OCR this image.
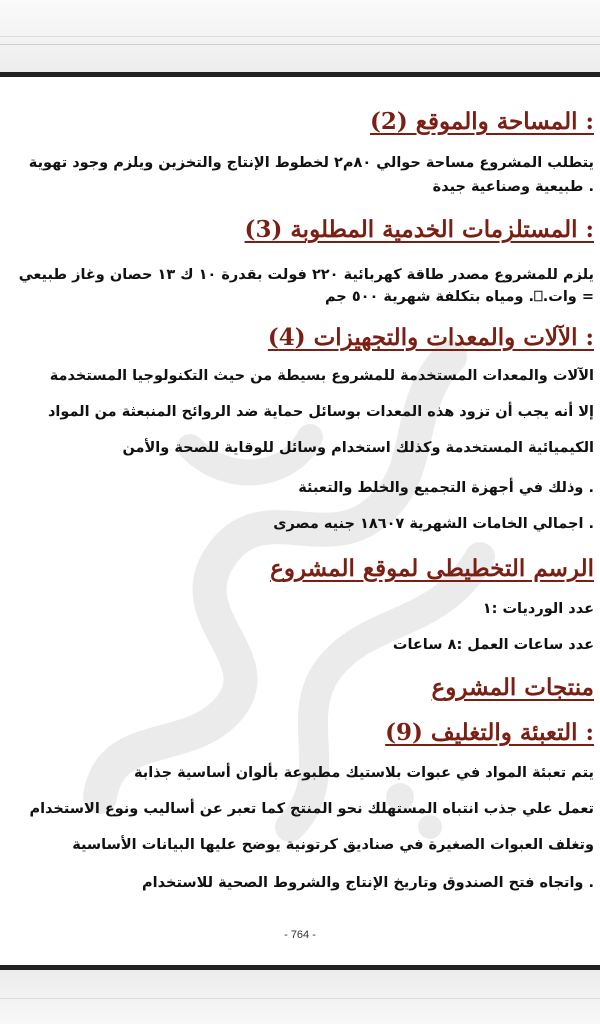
: المساحة والموقع (2)
يتطلب المشروع مساحة حوالي ٨٠م٢ لخطوط الإنتاج والتخزين ويلزم وجود تهوية
. طبيعية وصناعية جيدة
: المستلزمات الخدمية المطلوبة (3)
يلزم للمشروع مصدر طاقة كهربائية ٢٢٠ فولت بقدرة ١٠ ك ١٣ حصان وغاز طبيعي
= وات.⎕. ومياه بتكلفة شهرية ٥٠٠ جم
: الآلات والمعدات والتجهيزات (4)
الآلات والمعدات المستخدمة للمشروع بسيطة من حيث التكنولوجيا المستخدمة
إلا أنه يجب أن تزود هذه المعدات بوسائل حماية ضد الروائح المنبعثة من المواد
الكيميائية المستخدمة وكذلك استخدام وسائل للوقاية للصحة والأمن
. وذلك في أجهزة التجميع والخلط والتعبئة
. اجمالي الخامات الشهرية ١٨٦٠٧ جنيه مصرى
الرسم التخطيطى لموقع المشروع
عدد الورديات :١
عدد ساعات العمل :٨ ساعات
منتجات المشروع
: التعبئة والتغليف (9)
يتم تعبئة المواد في عبوات بلاستيك مطبوعة بألوان أساسية جذابة
تعمل علي جذب انتباه المستهلك نحو المنتج كما تعبر عن أساليب ونوع الاستخدام
وتغلف العبوات الصغيرة في صناديق كرتونية يوضح عليها البيانات الأساسية
. واتجاه فتح الصندوق وتاريخ الإنتاج والشروط الصحية للاستخدام
- 764 -
